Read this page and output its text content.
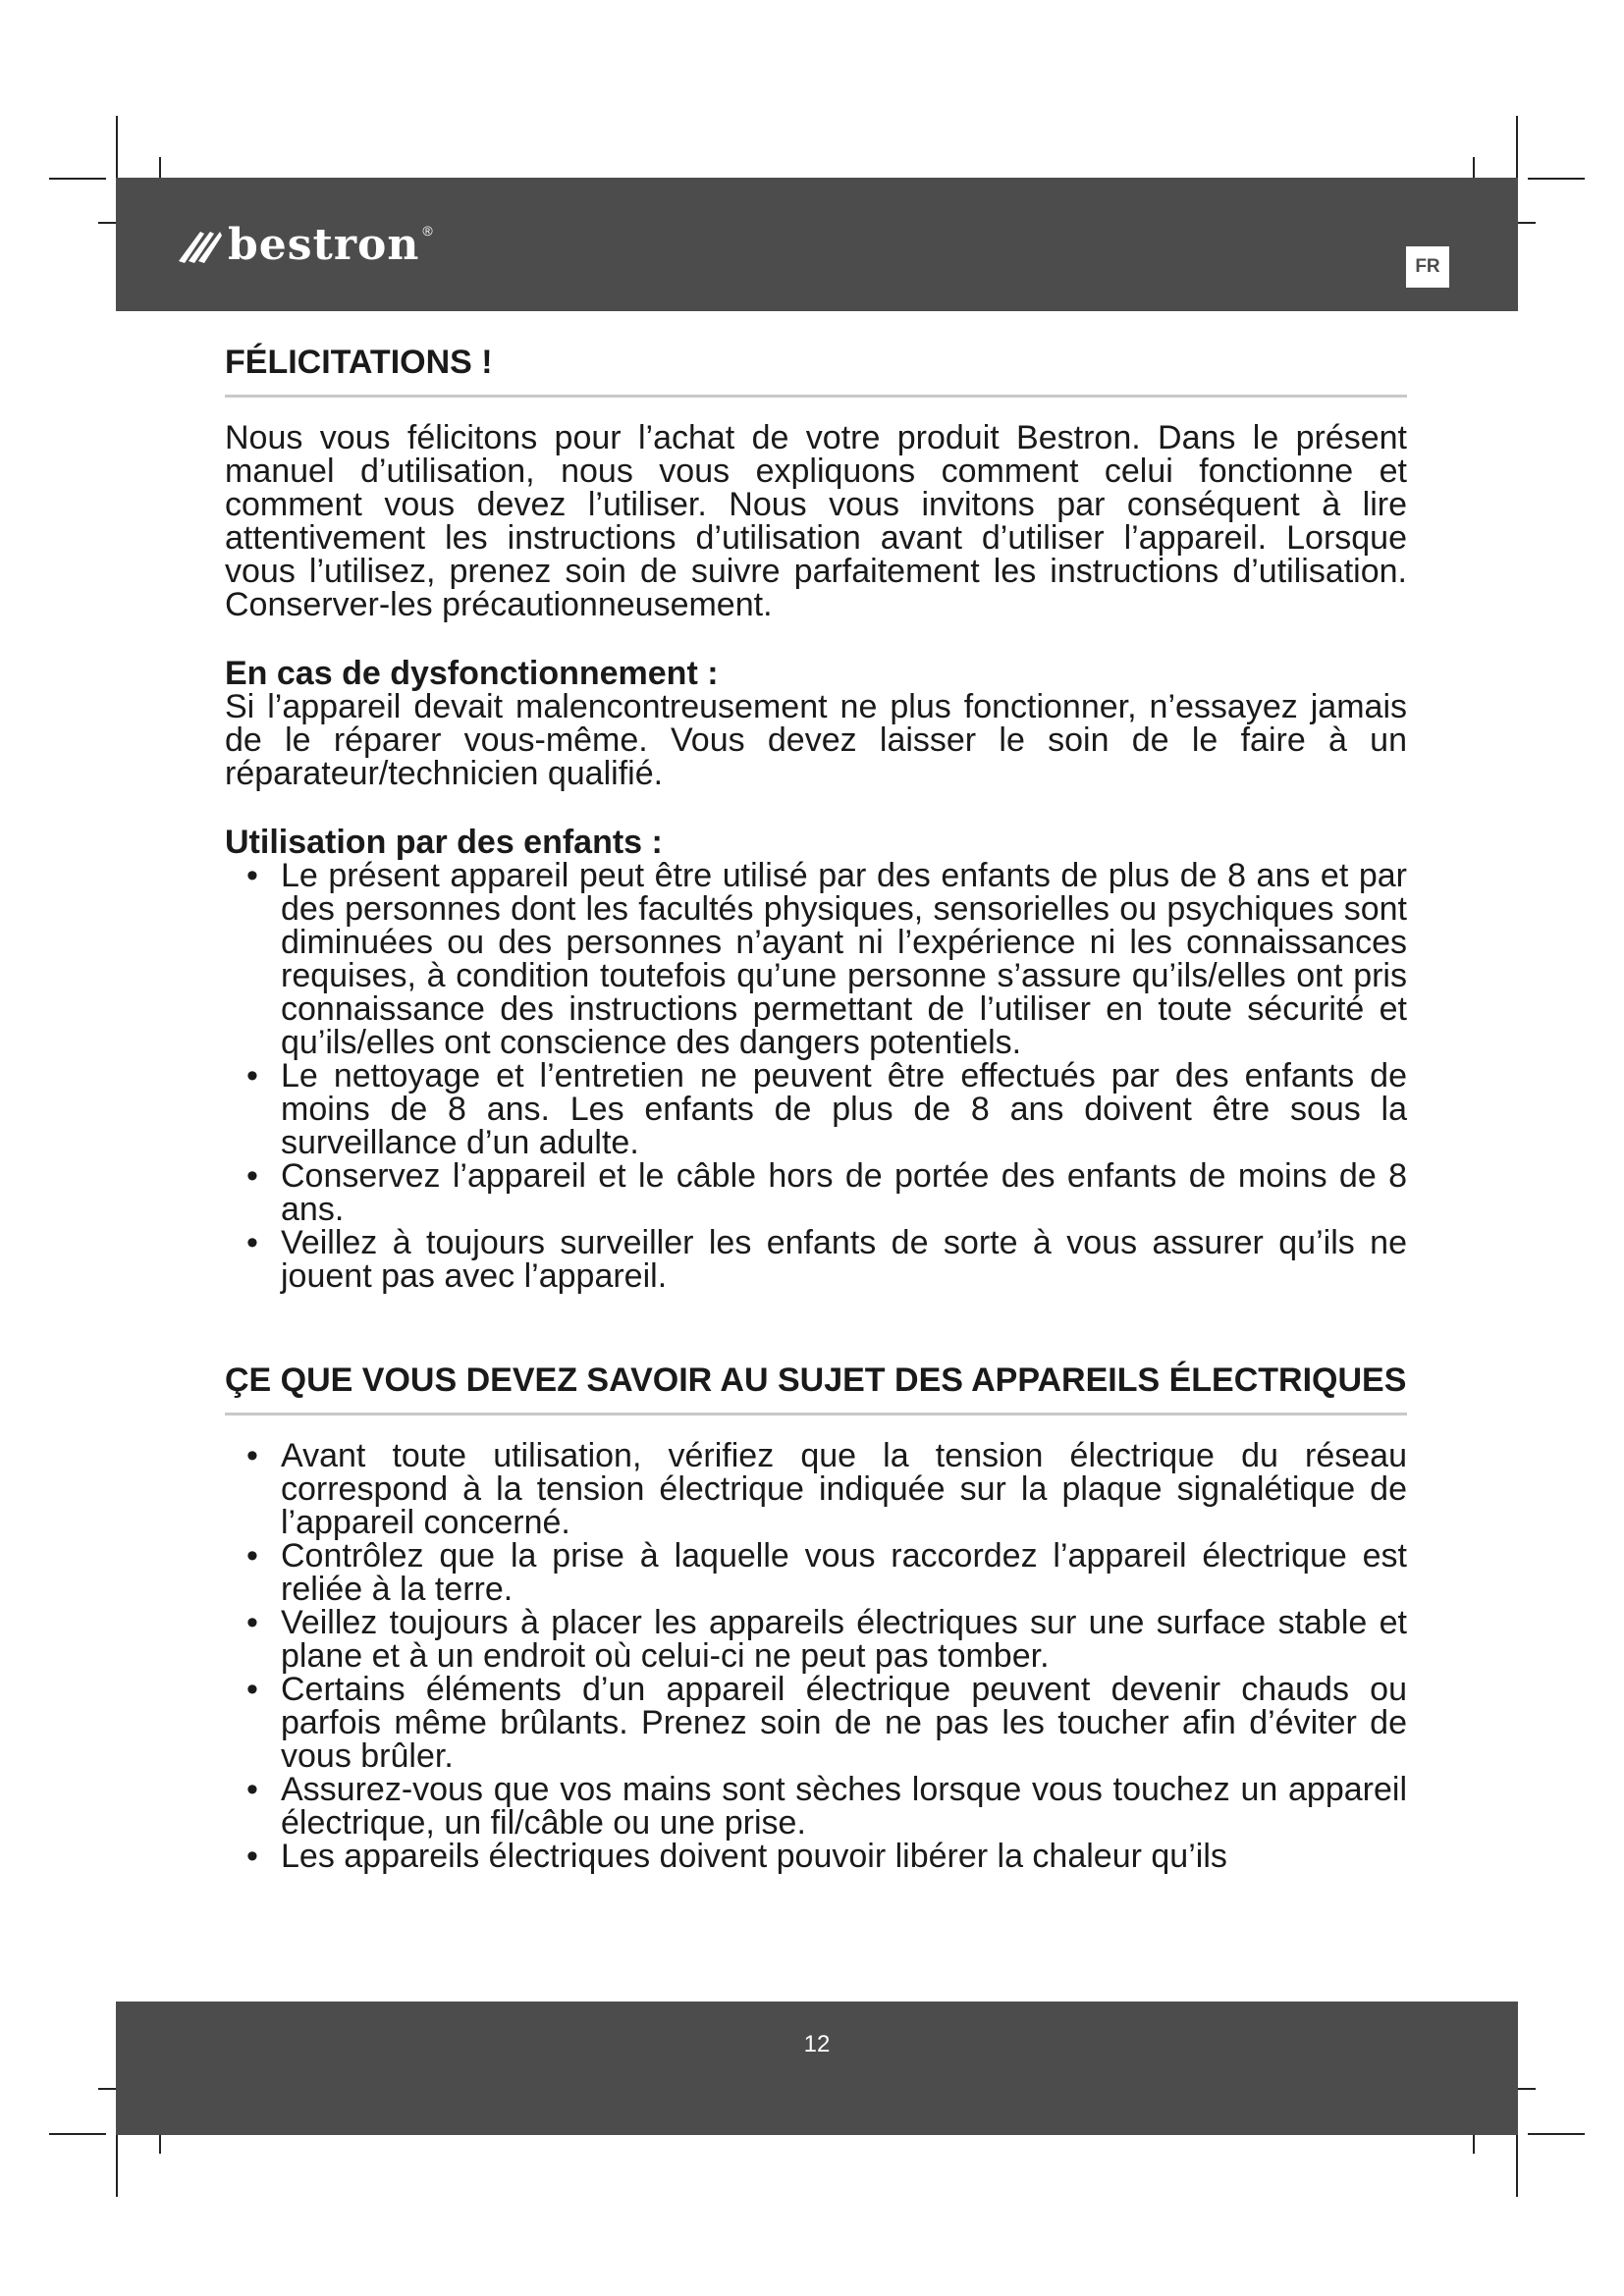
bestron ®
FR
FÉLICITATIONS !

Nous vous félicitons pour l’achat de votre produit Bestron. Dans le présent manuel d’utilisation, nous vous expliquons comment celui fonctionne et comment vous devez l’utiliser. Nous vous invitons par conséquent à lire attentivement les instructions d’utilisation avant d’utiliser l’appareil. Lorsque vous l’utilisez, prenez soin de suivre parfaitement les instructions d’utilisation. Conserver-les précautionneusement.

En cas de dysfonctionnement :

Si l’appareil devait malencontreusement ne plus fonctionner, n’essayez jamais de le réparer vous-même. Vous devez laisser le soin de le faire à un réparateur/technicien qualifié.

Utilisation par des enfants :
• Le présent appareil peut être utilisé par des enfants de plus de 8 ans et par des personnes dont les facultés physiques, sensorielles ou psychiques sont diminuées ou des personnes n’ayant ni l’expérience ni les connaissances requises, à condition toutefois qu’une personne s’assure qu’ils/elles ont pris connaissance des instructions permettant de l’utiliser en toute sécurité et qu’ils/elles ont conscience des dangers potentiels.
• Le nettoyage et l’entretien ne peuvent être effectués par des enfants de moins de 8 ans. Les enfants de plus de 8 ans doivent être sous la surveillance d’un adulte.
• Conservez l’appareil et le câble hors de portée des enfants de moins de 8 ans.
• Veillez à toujours surveiller les enfants de sorte à vous assurer qu’ils ne jouent pas avec l’appareil.
ÇE QUE VOUS DEVEZ SAVOIR AU SUJET DES APPAREILS ÉLECTRIQUES
• Avant toute utilisation, vérifiez que la tension électrique du réseau correspond à la tension électrique indiquée sur la plaque signalétique de l’appareil concerné.
• Contrôlez que la prise à laquelle vous raccordez l’appareil électrique est reliée à la terre.
• Veillez toujours à placer les appareils électriques sur une surface stable et plane et à un endroit où celui-ci ne peut pas tomber.
• Certains éléments d’un appareil électrique peuvent devenir chauds ou parfois même brûlants. Prenez soin de ne pas les toucher afin d’éviter de vous brûler.
• Assurez-vous que vos mains sont sèches lorsque vous touchez un appareil électrique, un fil/câble ou une prise.
• Les appareils électriques doivent pouvoir libérer la chaleur qu’ils
12
